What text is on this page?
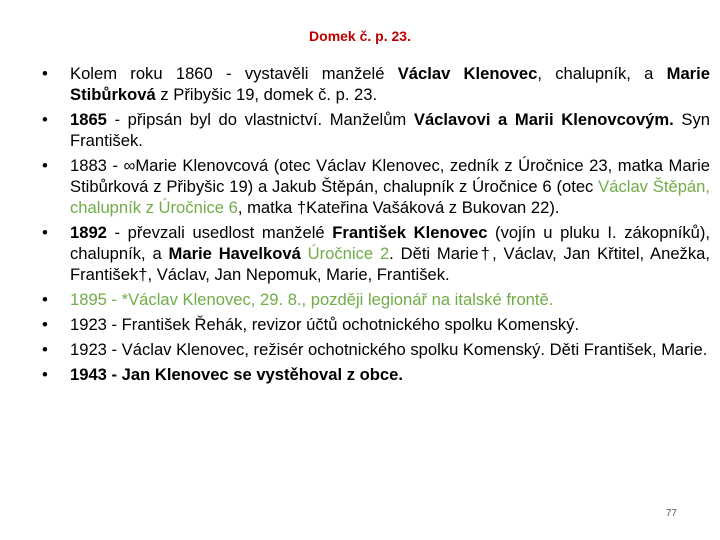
Domek č. p. 23.
•	Kolem roku 1860 - vystavěli manželé Václav Klenovec, chalupník, a Marie Stibůrková z Přibyšic 19, domek č. p. 23.
•	1865 - připsán byl do vlastnictví. Manželům Václavovi a Marii Klenovcovým. Syn František.
•	1883 - ∞Marie Klenovcová (otec Václav Klenovec, zedník z Úročnice 23, matka Marie Stibůrková z Přibyšic 19) a Jakub Štěpán, chalupník z Úročnice 6 (otec Václav Štěpán, chalupník z Úročnice 6, matka †Kateřina Vašáková z Bukovan 22).
•	1892 - převzali usedlost manželé František Klenovec (vojín u pluku I. zákopníků), chalupník, a Marie Havelková Úročnice 2. Děti Marie†, Václav, Jan Křtitel, Anežka, František†, Václav, Jan Nepomuk, Marie, František.
•	1895 - *Václav Klenovec, 29. 8., později legionář na italské frontě.
•	1923 - František Řehák, revizor účtů ochotnického spolku Komenský.
•	1923 - Václav Klenovec, režisér ochotnického spolku Komenský. Děti František, Marie.
•	1943 - Jan Klenovec se vystěhoval z obce.
77
